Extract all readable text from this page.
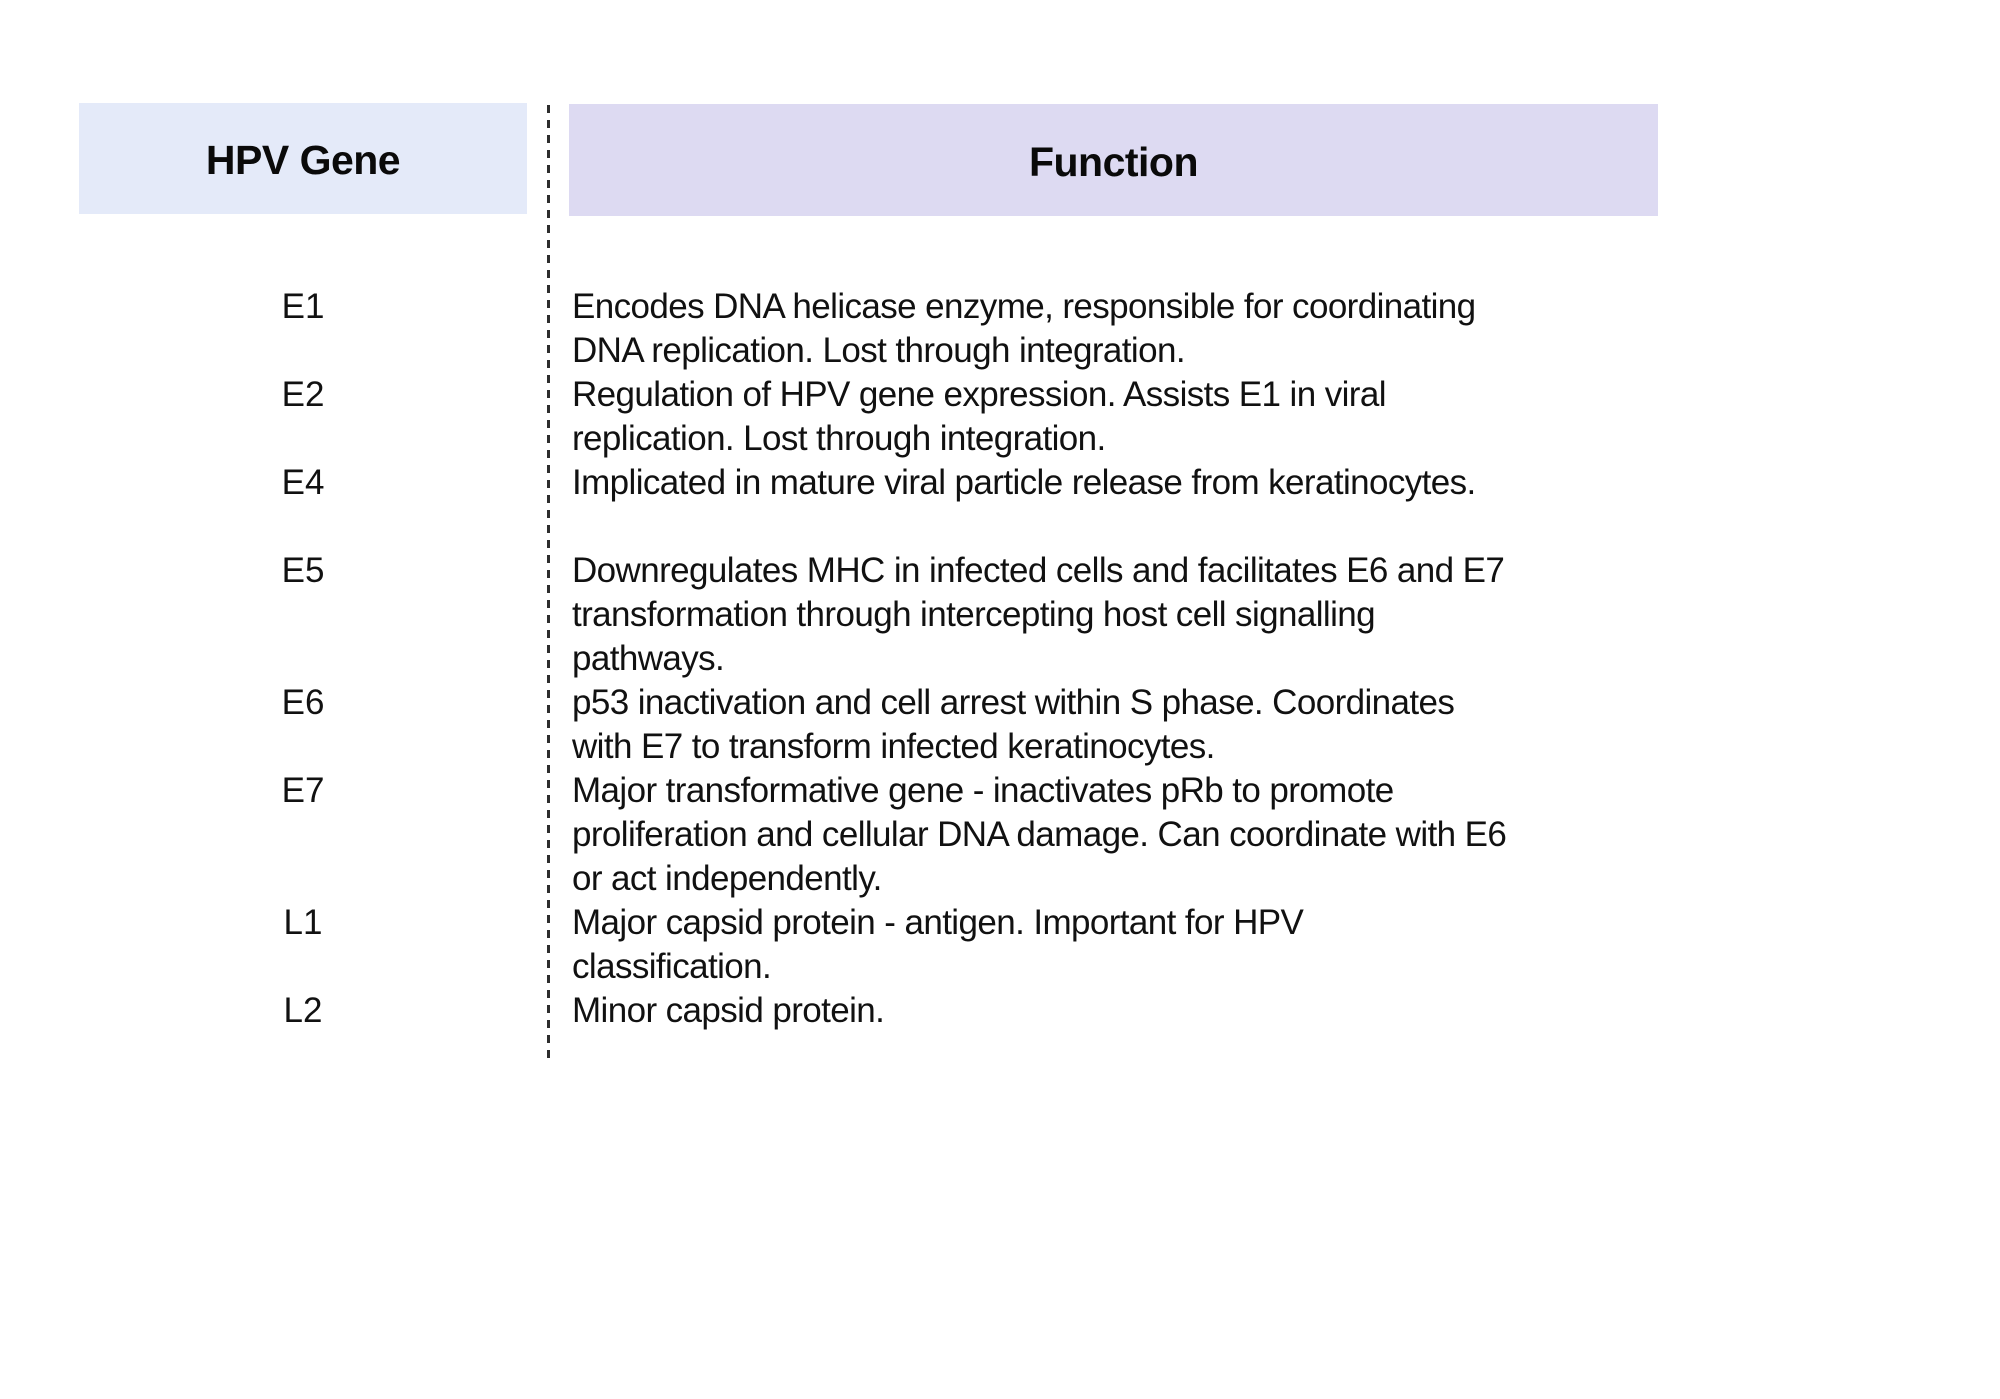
HPV Gene	Function
E1	Encodes DNA helicase enzyme, responsible for coordinating
DNA replication. Lost through integration.
E2	Regulation of HPV gene expression. Assists E1 in viral
replication. Lost through integration.
E4	Implicated in mature viral particle release from keratinocytes.
E5	Downregulates MHC in infected cells and facilitates E6 and E7
transformation through intercepting host cell signalling
pathways.
E6	p53 inactivation and cell arrest within S phase. Coordinates
with E7 to transform infected keratinocytes.
E7	Major transformative gene - inactivates pRb to promote
proliferation and cellular DNA damage. Can coordinate with E6
or act independently.
L1	Major capsid protein - antigen. Important for HPV
classification.
L2	Minor capsid protein.
